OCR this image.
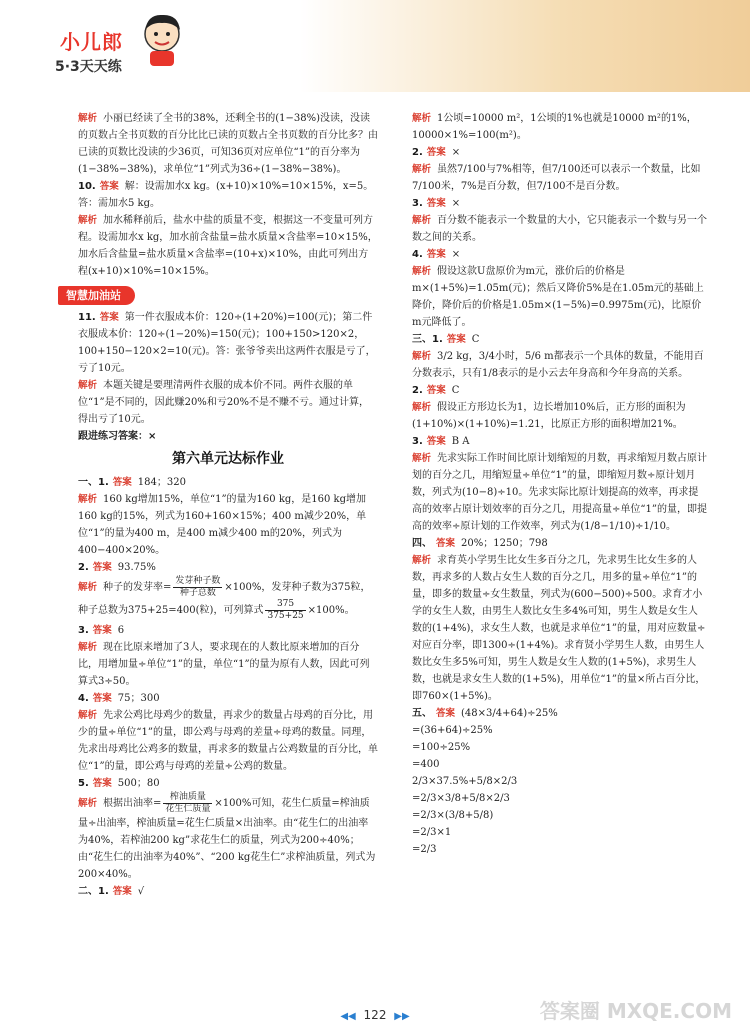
小儿郎
5·3天天练

解析 小丽已经读了全书的38%，还剩全书的(1−38%)没读，没读的页数占全书页数的百分比比已读的页数占全书页数的百分比多？由已读的页数比没读的少36页，可知36页对应单位“1”的百分率为(1−38%−38%)，求单位“1”列式为36÷(1−38%−38%)。

10. 答案 解：设需加水x kg。(x+10)×10%=10×15%，x=5。答：需加水5 kg。

解析 加水稀释前后，盐水中盐的质量不变，根据这一不变量可列方程。设需加水x kg，加水前含盐量=盐水质量×含盐率=10×15%，加水后含盐量=盐水质量×含盐率=(10+x)×10%，由此可列出方程(x+10)×10%=10×15%。

智慧加油站

11. 答案 第一件衣服成本价：120÷(1+20%)=100(元)；第二件衣服成本价：120÷(1−20%)=150(元)；100+150>120×2，100+150−120×2=10(元)。答：张爷爷卖出这两件衣服是亏了，亏了10元。

解析 本题关键是要理清两件衣服的成本价不同。两件衣服的单位“1”是不同的，因此赚20%和亏20%不是不赚不亏。通过计算，得出亏了10元。

跟进练习答案：×

第六单元达标作业

一、1. 答案 184；320

解析 160 kg增加15%，单位“1”的量为160 kg，是160 kg增加160 kg的15%，列式为160+160×15%；400 m减少20%，单位“1”的量为400 m，是400 m减少400 m的20%，列式为400−400×20%。

2. 答案 93.75%

解析 种子的发芽率= $\frac{\text{发芽种子数}}{\text{种子总数}} \times 100\%$，发芽种子数为375粒，种子总数为375+25=400(粒)，可列算式 $\frac{375}{375+25} \times 100\%$。

3. 答案 6

解析 现在比原来增加了3人，要求现在的人数比原来增加的百分比，用增加量÷单位“1”的量，单位“1”的量为原有人数，因此可列算式3÷50。

4. 答案 75；300

解析 先求公鸡比母鸡少的数量，再求少的数量占母鸡的百分比，用少的量÷单位“1”的量，即公鸡与母鸡的差量÷母鸡的数量。同理，先求出母鸡比公鸡多的数量，再求多的数量占公鸡数量的百分比，单位“1”的量，即公鸡与母鸡的差量÷公鸡的数量。

5. 答案 500；80

解析 根据出油率= $\frac{\text{榨油质量}}{\text{花生仁质量}} \times 100\%$可知，花生仁质量=榨油质量÷出油率，榨油质量=花生仁质量×出油率。由“花生仁的出油率为40%，若榨油200 kg”求花生仁的质量，列式为200÷40%；由“花生仁的出油率为40%”、“200 kg花生仁”求榨油质量，列式为200×40%。

二、1. 答案 √

解析 1公顷=10000 m²，1公顷的1%也就是10000 m²的1%，10000×1%=100(m²)。

2. 答案 ×

解析 虽然7/100与7%相等，但7/100还可以表示一个数量，比如7/100米，7%是百分数，但7/100不是百分数。

3. 答案 ×

解析 百分数不能表示一个数量的大小，它只能表示一个数与另一个数之间的关系。

4. 答案 ×

解析 假设这款U盘原价为m元，涨价后的价格是m×(1+5%)=1.05m(元)；然后又降价5%是在1.05m元的基础上降价，降价后的价格是1.05m×(1−5%)=0.9975m(元)，比原价m元降低了。

三、1. 答案 C

解析 3/2 kg，3/4小时，5/6 m都表示一个具体的数量，不能用百分数表示，只有1/8表示的是小云去年身高和今年身高的关系。

2. 答案 C

解析 假设正方形边长为1，边长增加10%后，正方形的面积为(1+10%)×(1+10%)=1.21，比原正方形的面积增加21%。

3. 答案 B A

解析 先求实际工作时间比原计划缩短的月数，再求缩短月数占原计划的百分之几，用缩短量÷单位“1”的量，即缩短月数÷原计划月数，列式为(10−8)÷10。先求实际比原计划提高的效率，再求提高的效率占原计划效率的百分之几，用提高量÷单位“1”的量，即提高的效率÷原计划的工作效率，列式为(1/8−1/10)÷1/10。

四、 答案 20%；1250；798

解析 求育英小学男生比女生多百分之几，先求男生比女生多的人数，再求多的人数占女生人数的百分之几，用多的量÷单位“1”的量，即多的数量÷女生数量，列式为(600−500)÷500。求育才小学的女生人数，由男生人数比女生多4%可知，男生人数是女生人数的(1+4%)，求女生人数，也就是求单位“1”的量，用对应数量÷对应百分率，即1300÷(1+4%)。求育贤小学男生人数，由男生人数比女生多5%可知，男生人数是女生人数的(1+5%)，求男生人数，也就是求女生人数的(1+5%)，用单位“1”的量×所占百分比，即760×(1+5%)。

五、 答案 (48×3/4+64)÷25%

=(36+64)÷25%

=100÷25%

=400

2/3×37.5%+5/8×2/3

=2/3×3/8+5/8×2/3

=2/3×(3/8+5/8)

=2/3×1

=2/3

◀◀ 122 ▶▶	答案圈 MXQE.COM
